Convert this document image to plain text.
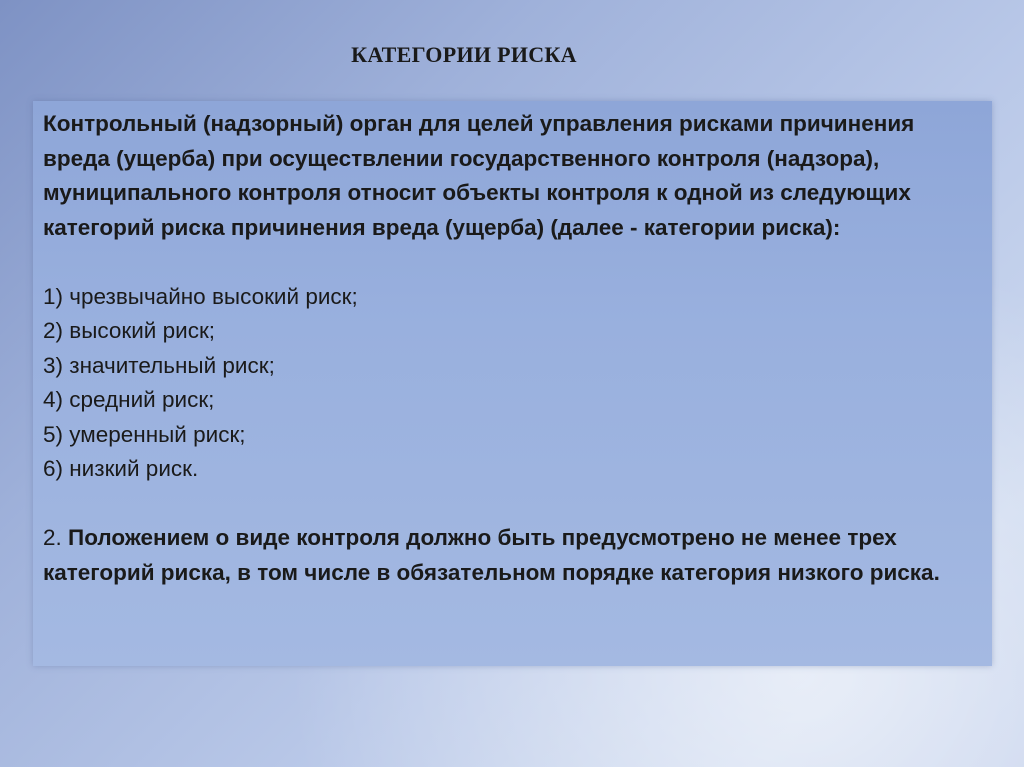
КАТЕГОРИИ РИСКА

Контрольный (надзорный) орган для целей управления рисками причинения вреда (ущерба) при осуществлении государственного контроля (надзора), муниципального контроля относит объекты контроля к одной из следующих категорий риска причинения вреда (ущерба) (далее - категории риска):

1) чрезвычайно высокий риск;
2) высокий риск;
3) значительный риск;
4) средний риск;
5) умеренный риск;
6) низкий риск.

2. Положением о виде контроля должно быть предусмотрено не менее трех категорий риска, в том числе в обязательном порядке категория низкого риска.
